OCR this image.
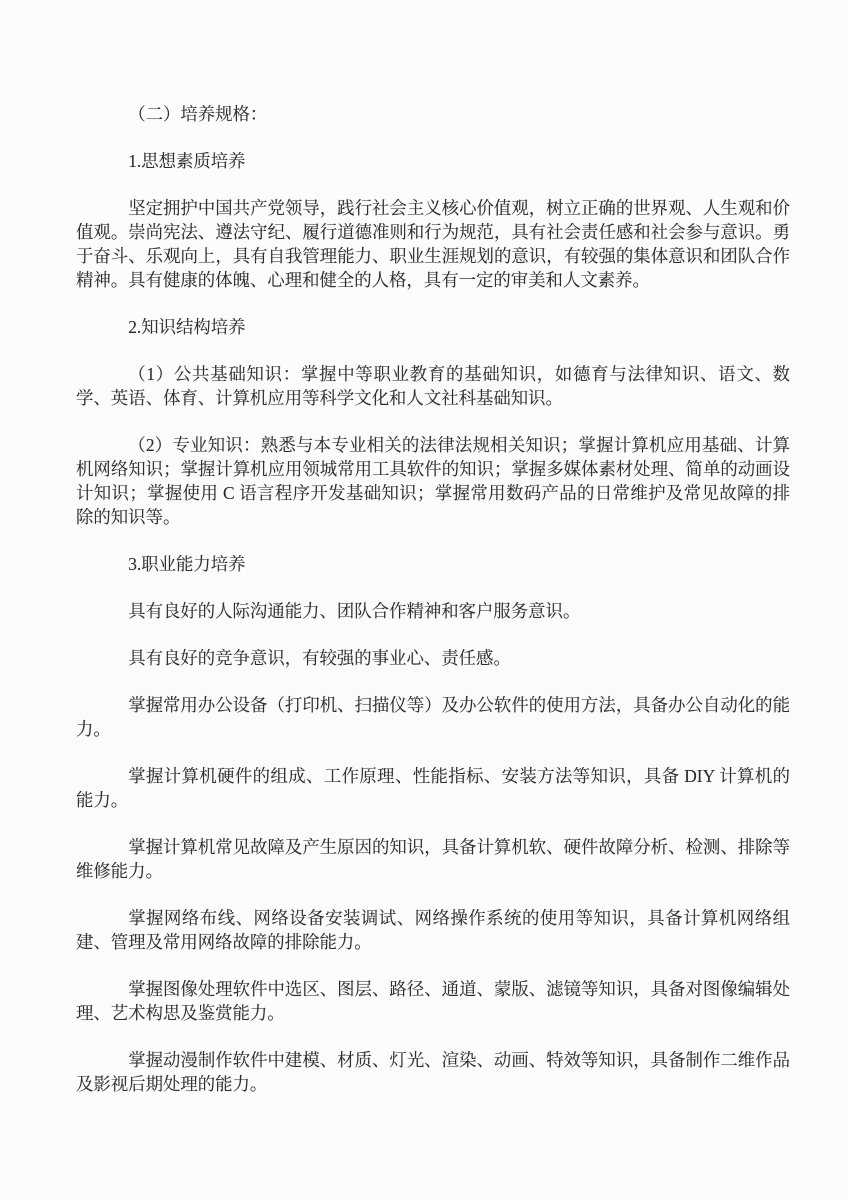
（二）培养规格：

1.思想素质培养

坚定拥护中国共产党领导，践行社会主义核心价值观，树立正确的世界观、人生观和价值观。崇尚宪法、遵法守纪、履行道德准则和行为规范，具有社会责任感和社会参与意识。勇于奋斗、乐观向上，具有自我管理能力、职业生涯规划的意识，有较强的集体意识和团队合作精神。具有健康的体魄、心理和健全的人格，具有一定的审美和人文素养。

2.知识结构培养

（1）公共基础知识：掌握中等职业教育的基础知识，如德育与法律知识、语文、数学、英语、体育、计算机应用等科学文化和人文社科基础知识。

（2）专业知识：熟悉与本专业相关的法律法规相关知识；掌握计算机应用基础、计算机网络知识；掌握计算机应用领城常用工具软件的知识；掌握多媒体素材处理、简单的动画设计知识；掌握使用 C 语言程序开发基础知识；掌握常用数码产品的日常维护及常见故障的排除的知识等。

3.职业能力培养

具有良好的人际沟通能力、团队合作精神和客户服务意识。

具有良好的竞争意识，有较强的事业心、责任感。

掌握常用办公设备（打印机、扫描仪等）及办公软件的使用方法，具备办公自动化的能力。

掌握计算机硬件的组成、工作原理、性能指标、安装方法等知识，具备 DIY 计算机的能力。

掌握计算机常见故障及产生原因的知识，具备计算机软、硬件故障分析、检测、排除等维修能力。

掌握网络布线、网络设备安装调试、网络操作系统的使用等知识，具备计算机网络组建、管理及常用网络故障的排除能力。

掌握图像处理软件中选区、图层、路径、通道、蒙版、滤镜等知识，具备对图像编辑处理、艺术构思及鉴赏能力。

掌握动漫制作软件中建模、材质、灯光、渲染、动画、特效等知识，具备制作二维作品及影视后期处理的能力。
